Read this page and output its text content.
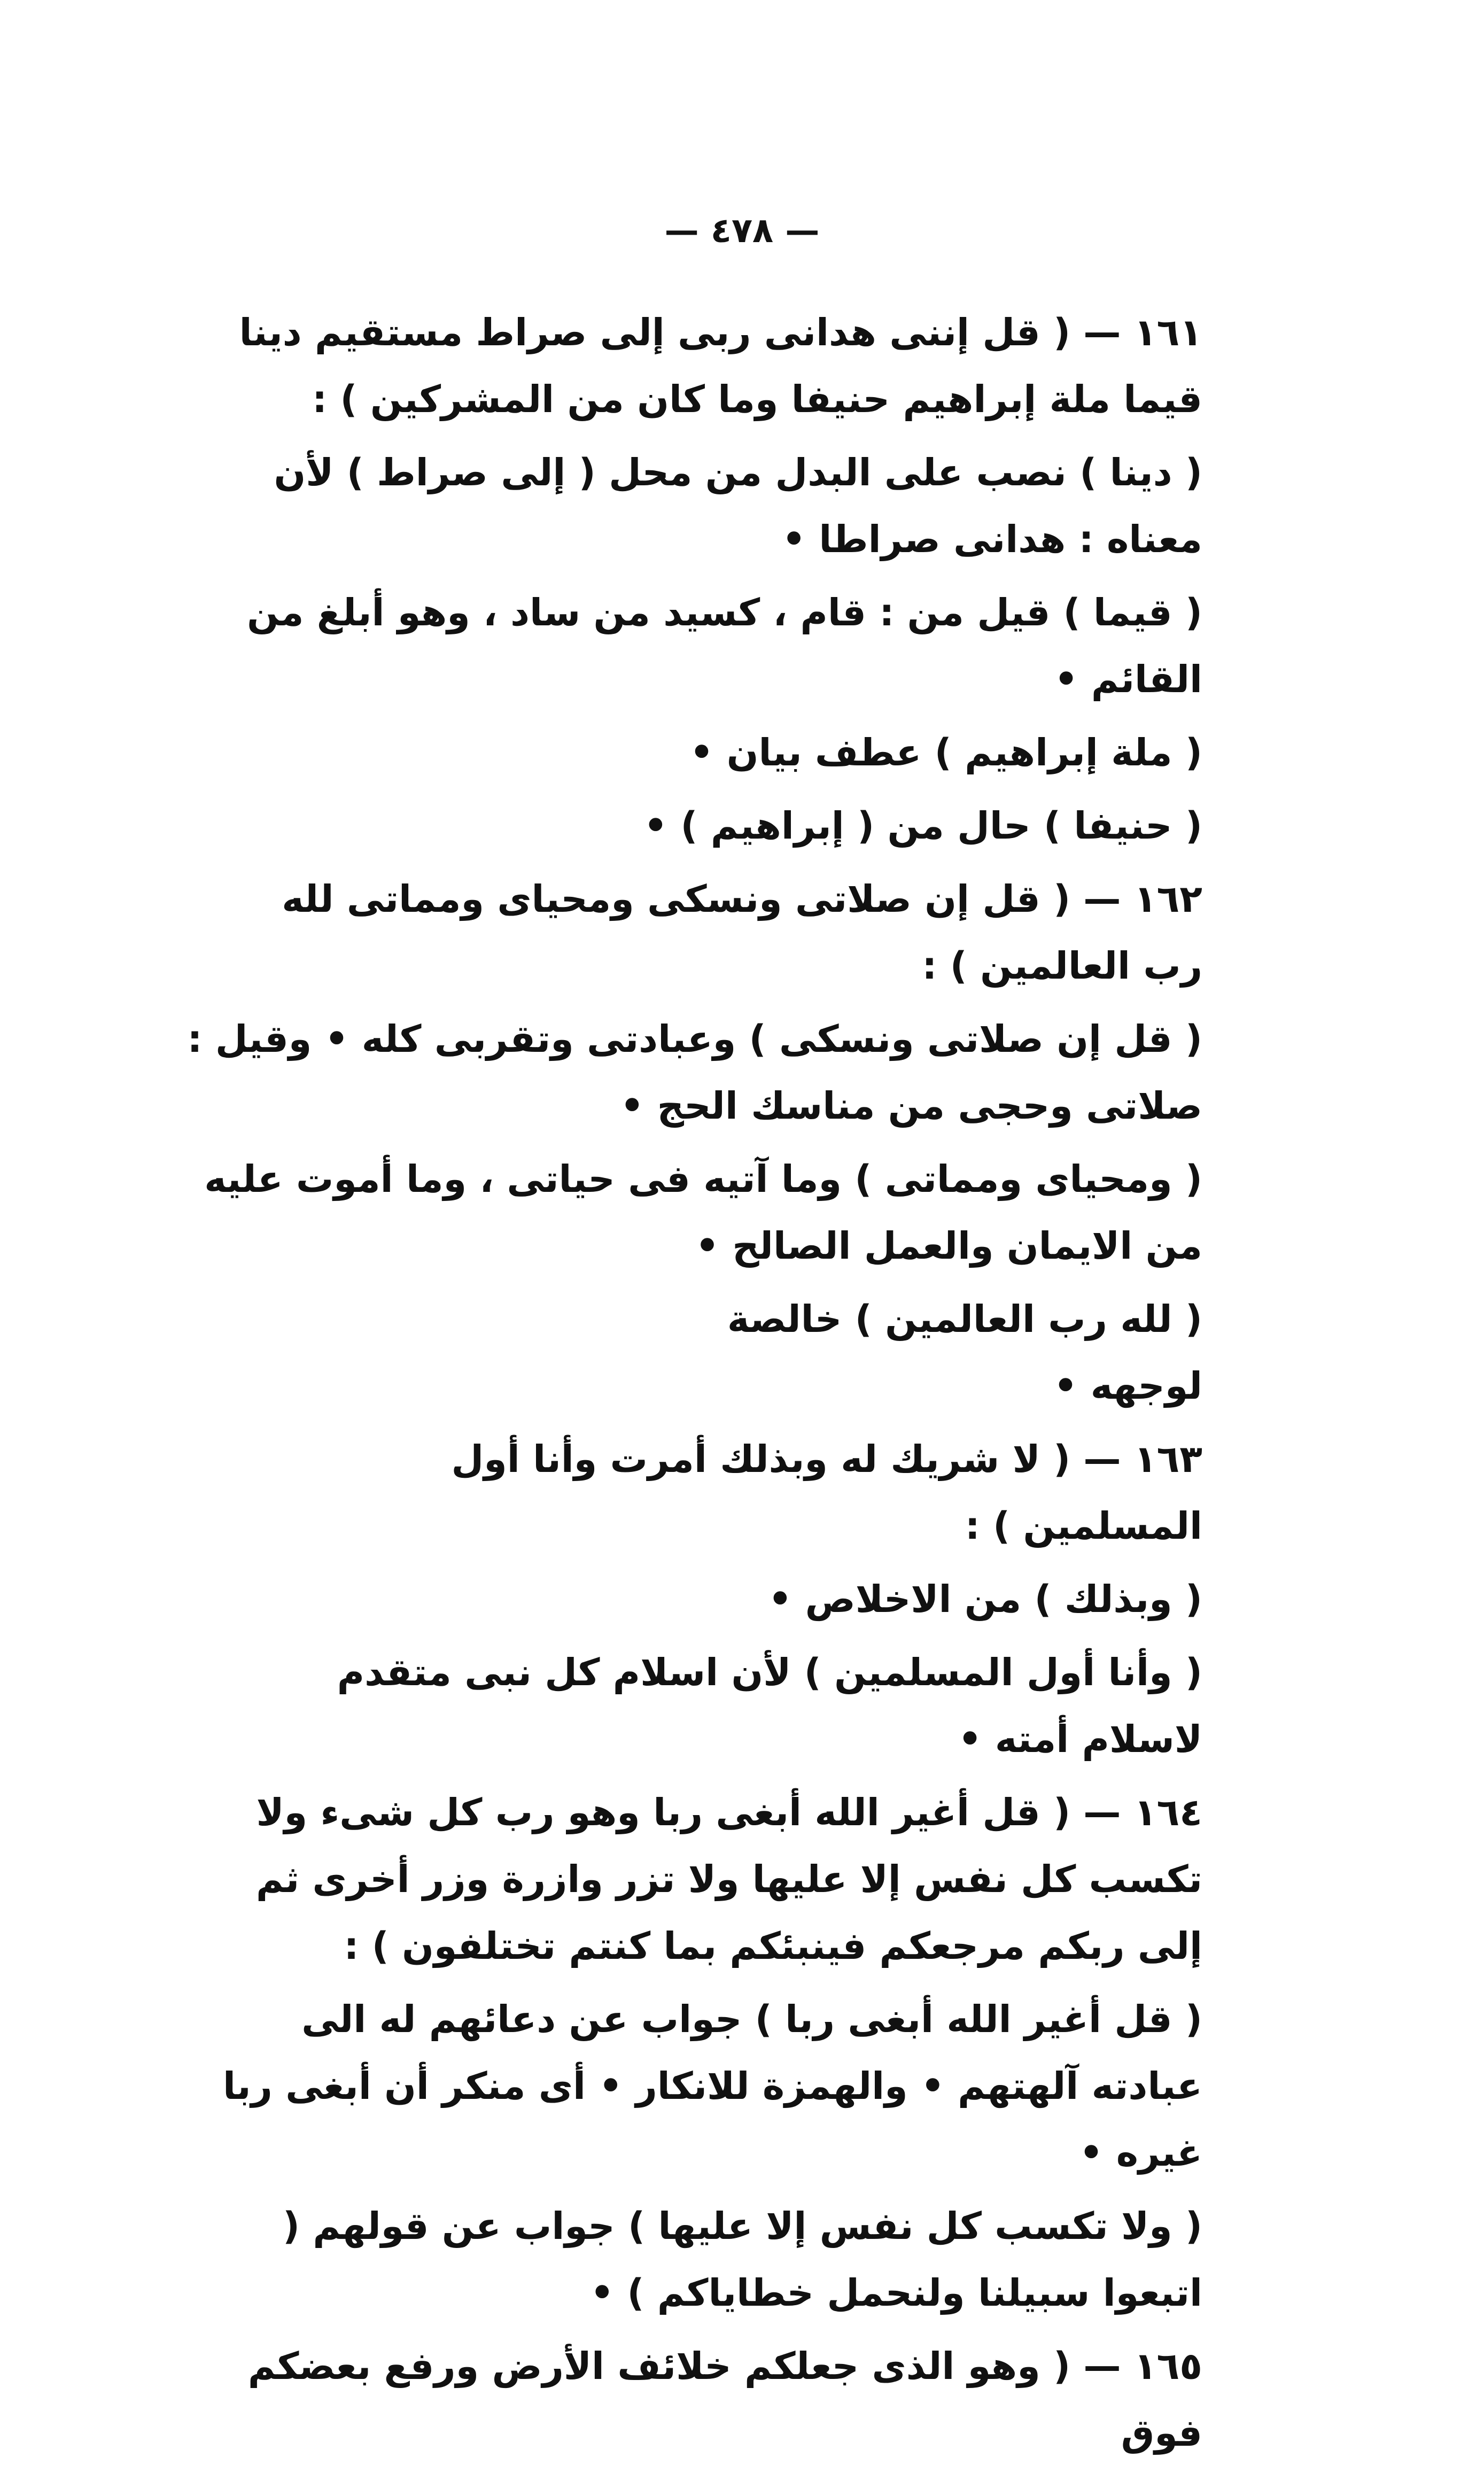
— ٤٧٨ —

١٦١ — ( قل إننى هدانى ربى إلى صراط مستقيم دينا قيما ملة إبراهيم حنيفا وما كان من المشركين ) :

( دينا ) نصب على البدل من محل ( إلى صراط ) لأن معناه : هدانى صراطا •

( قيما ) قيل من : قام ، كسيد من ساد ، وهو أبلغ من القائم •

( ملة إبراهيم ) عطف بيان •

( حنيفا ) حال من ( إبراهيم ) •

١٦٢ — ( قل إن صلاتى ونسكى ومحياى ومماتى لله رب العالمين ) :

( قل إن صلاتى ونسكى ) وعبادتى وتقربى كله • وقيل : صلاتى وحجى من مناسك الحج •

( ومحياى ومماتى ) وما آتيه فى حياتى ، وما أموت عليه من الايمان والعمل الصالح •

( لله رب العالمين ) خالصة لوجهه •

١٦٣ — ( لا شريك له وبذلك أمرت وأنا أول المسلمين ) :

( وبذلك ) من الاخلاص •

( وأنا أول المسلمين ) لأن اسلام كل نبى متقدم لاسلام أمته •

١٦٤ — ( قل أغير الله أبغى ربا وهو رب كل شىء ولا تكسب كل نفس إلا عليها ولا تزر وازرة وزر أخرى ثم إلى ربكم مرجعكم فينبئكم بما كنتم تختلفون ) :

( قل أغير الله أبغى ربا ) جواب عن دعائهم له الى عبادته آلهتهم • والهمزة للانكار • أى منكر أن أبغى ربا غيره •

( ولا تكسب كل نفس إلا عليها ) جواب عن قولهم ( اتبعوا سبيلنا ولنحمل خطاياكم ) •

١٦٥ — ( وهو الذى جعلكم خلائف الأرض ورفع بعضكم فوق
